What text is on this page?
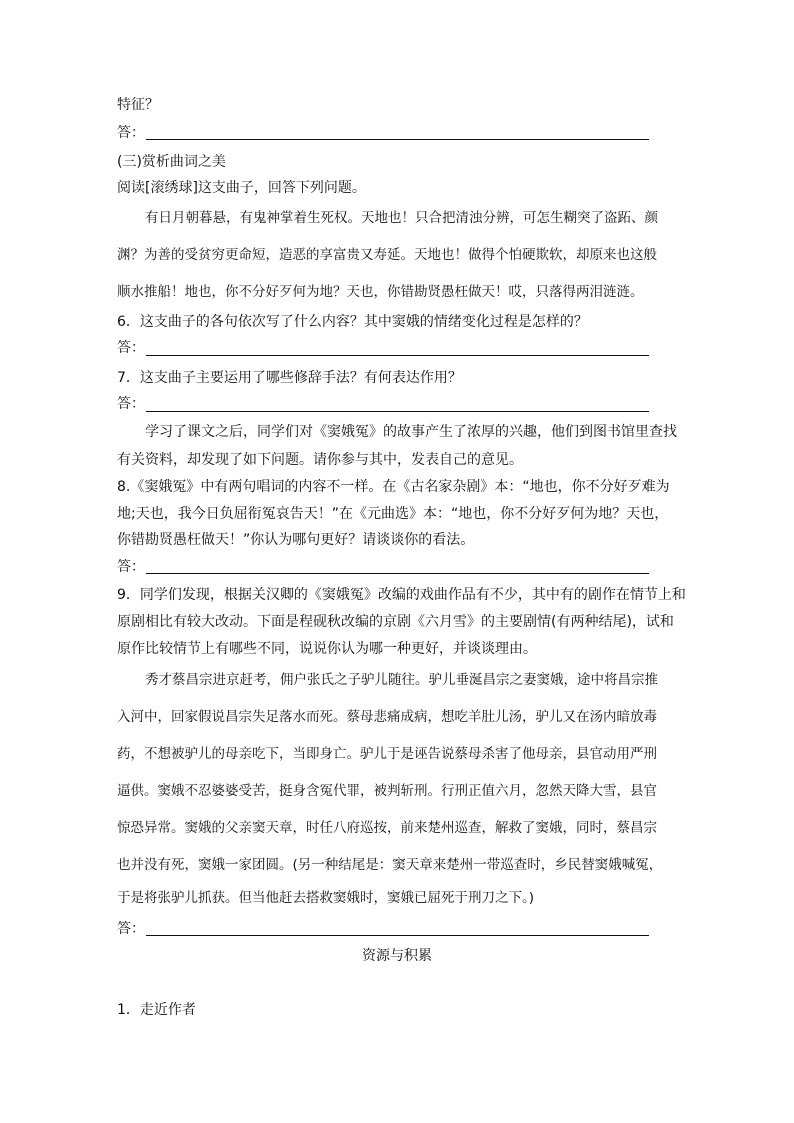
特征？
答：
(三)赏析曲词之美
阅读[滚绣球]这支曲子，回答下列问题。
有日月朝暮悬，有鬼神掌着生死权。天地也！只合把清浊分辨，可怎生糊突了盗跖、颜
渊？为善的受贫穷更命短，造恶的享富贵又寿延。天地也！做得个怕硬欺软，却原来也这般
顺水推船！地也，你不分好歹何为地？天也，你错勘贤愚枉做天！哎，只落得两泪涟涟。
6．这支曲子的各句依次写了什么内容？其中窦娥的情绪变化过程是怎样的？
答：
7．这支曲子主要运用了哪些修辞手法？有何表达作用？
答：
学习了课文之后，同学们对《窦娥冤》的故事产生了浓厚的兴趣，他们到图书馆里查找
有关资料，却发现了如下问题。请你参与其中，发表自己的意见。
8.《窦娥冤》中有两句唱词的内容不一样。在《古名家杂剧》本：“地也，你不分好歹难为
地;天也，我今日负屈衔冤哀告天！”在《元曲选》本：“地也，你不分好歹何为地？天也，
你错勘贤愚枉做天！”你认为哪句更好？请谈谈你的看法。
答：
9．同学们发现，根据关汉卿的《窦娥冤》改编的戏曲作品有不少，其中有的剧作在情节上和
原剧相比有较大改动。下面是程砚秋改编的京剧《六月雪》的主要剧情(有两种结尾)，试和
原作比较情节上有哪些不同，说说你认为哪一种更好，并谈谈理由。
秀才蔡昌宗进京赶考，佣户张氏之子驴儿随往。驴儿垂涎昌宗之妻窦娥，途中将昌宗推
入河中，回家假说昌宗失足落水而死。蔡母悲痛成病，想吃羊肚儿汤，驴儿又在汤内暗放毒
药，不想被驴儿的母亲吃下，当即身亡。驴儿于是诬告说蔡母杀害了他母亲，县官动用严刑
逼供。窦娥不忍婆婆受苦，挺身含冤代罪，被判斩刑。行刑正值六月，忽然天降大雪，县官
惊恐异常。窦娥的父亲窦天章，时任八府巡按，前来楚州巡查，解救了窦娥，同时，蔡昌宗
也并没有死，窦娥一家团圆。(另一种结尾是：窦天章来楚州一带巡查时，乡民替窦娥喊冤，
于是将张驴儿抓获。但当他赶去搭救窦娥时，窦娥已屈死于刑刀之下。)
答：
资源与积累
1．走近作者
